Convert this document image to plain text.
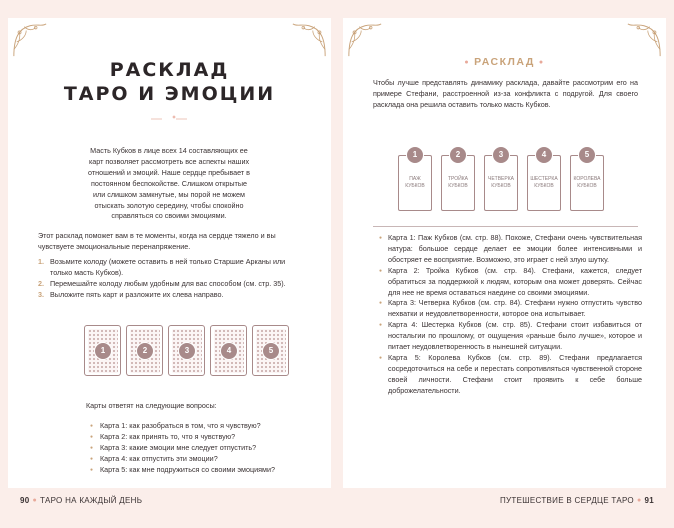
РАСКЛАД
ТАРО И ЭМОЦИИ
Масть Кубков в лице всех 14 составляющих ее карт позволяет рассмотреть все аспекты наших отношений и эмоций. Наше сердце пребывает в постоянном беспокойстве. Слишком открытые или слишком замкнутые, мы порой не можем отыскать золотую середину, чтобы спокойно справляться со своими эмоциями.
Этот расклад поможет вам в те моменты, когда на сердце тяжело и вы чувствуете эмоциональные перенапряжение.
1. Возьмите колоду (можете оставить в ней только Старшие Арканы или только масть Кубков).
2. Перемешайте колоду любым удобным для вас способом (см. стр. 35).
3. Выложите пять карт и разложите их слева направо.
1	2	3	4	5
Карты ответят на следующие вопросы:
● Карта 1: как разобраться в том, что я чувствую?
● Карта 2: как принять то, что я чувствую?
● Карта 3: какие эмоции мне следует отпустить?
● Карта 4: как отпустить эти эмоции?
● Карта 5: как мне подружиться со своими эмоциями?
● РАСКЛАД ●
Чтобы лучше представлять динамику расклада, давайте рассмотрим его на примере Стефани, расстроенной из-за конфликта с подругой. Для своего расклада она решила оставить только масть Кубков.
ПАЖ КУБКОВ
1
ТРОЙКА КУБКОВ
2
ЧЕТВЕРКА КУБКОВ
3
ШЕСТЕРКА КУБКОВ
4
КОРОЛЕВА КУБКОВ
5
● Карта 1: Паж Кубков (см. стр. 88). Похоже, Стефани очень чувствительная натура: большое сердце делает ее эмоции более интенсивными и обостряет ее восприятие. Возможно, это играет с ней злую шутку.
● Карта 2: Тройка Кубков (см. стр. 84). Стефани, кажется, следует обратиться за поддержкой к людям, которым она может доверять. Сейчас для нее не время оставаться наедине со своими эмоциями.
● Карта 3: Четверка Кубков (см. стр. 84). Стефани нужно отпустить чувство нехватки и неудовлетворенности, которое она испытывает.
● Карта 4: Шестерка Кубков (см. стр. 85). Стефани стоит избавиться от ностальгии по прошлому, от ощущения «раньше было лучше», которое и питает неудовлетворенность в нынешней ситуации.
● Карта 5: Королева Кубков (см. стр. 89). Стефани предлагается сосредоточиться на себе и перестать сопротивляться чувственной стороне своей личности. Стефани стоит проявить к себе больше доброжелательности.
90 ● ТАРО НА КАЖДЫЙ ДЕНЬ	ПУТЕШЕСТВИЕ В СЕРДЦЕ ТАРО ● 91
